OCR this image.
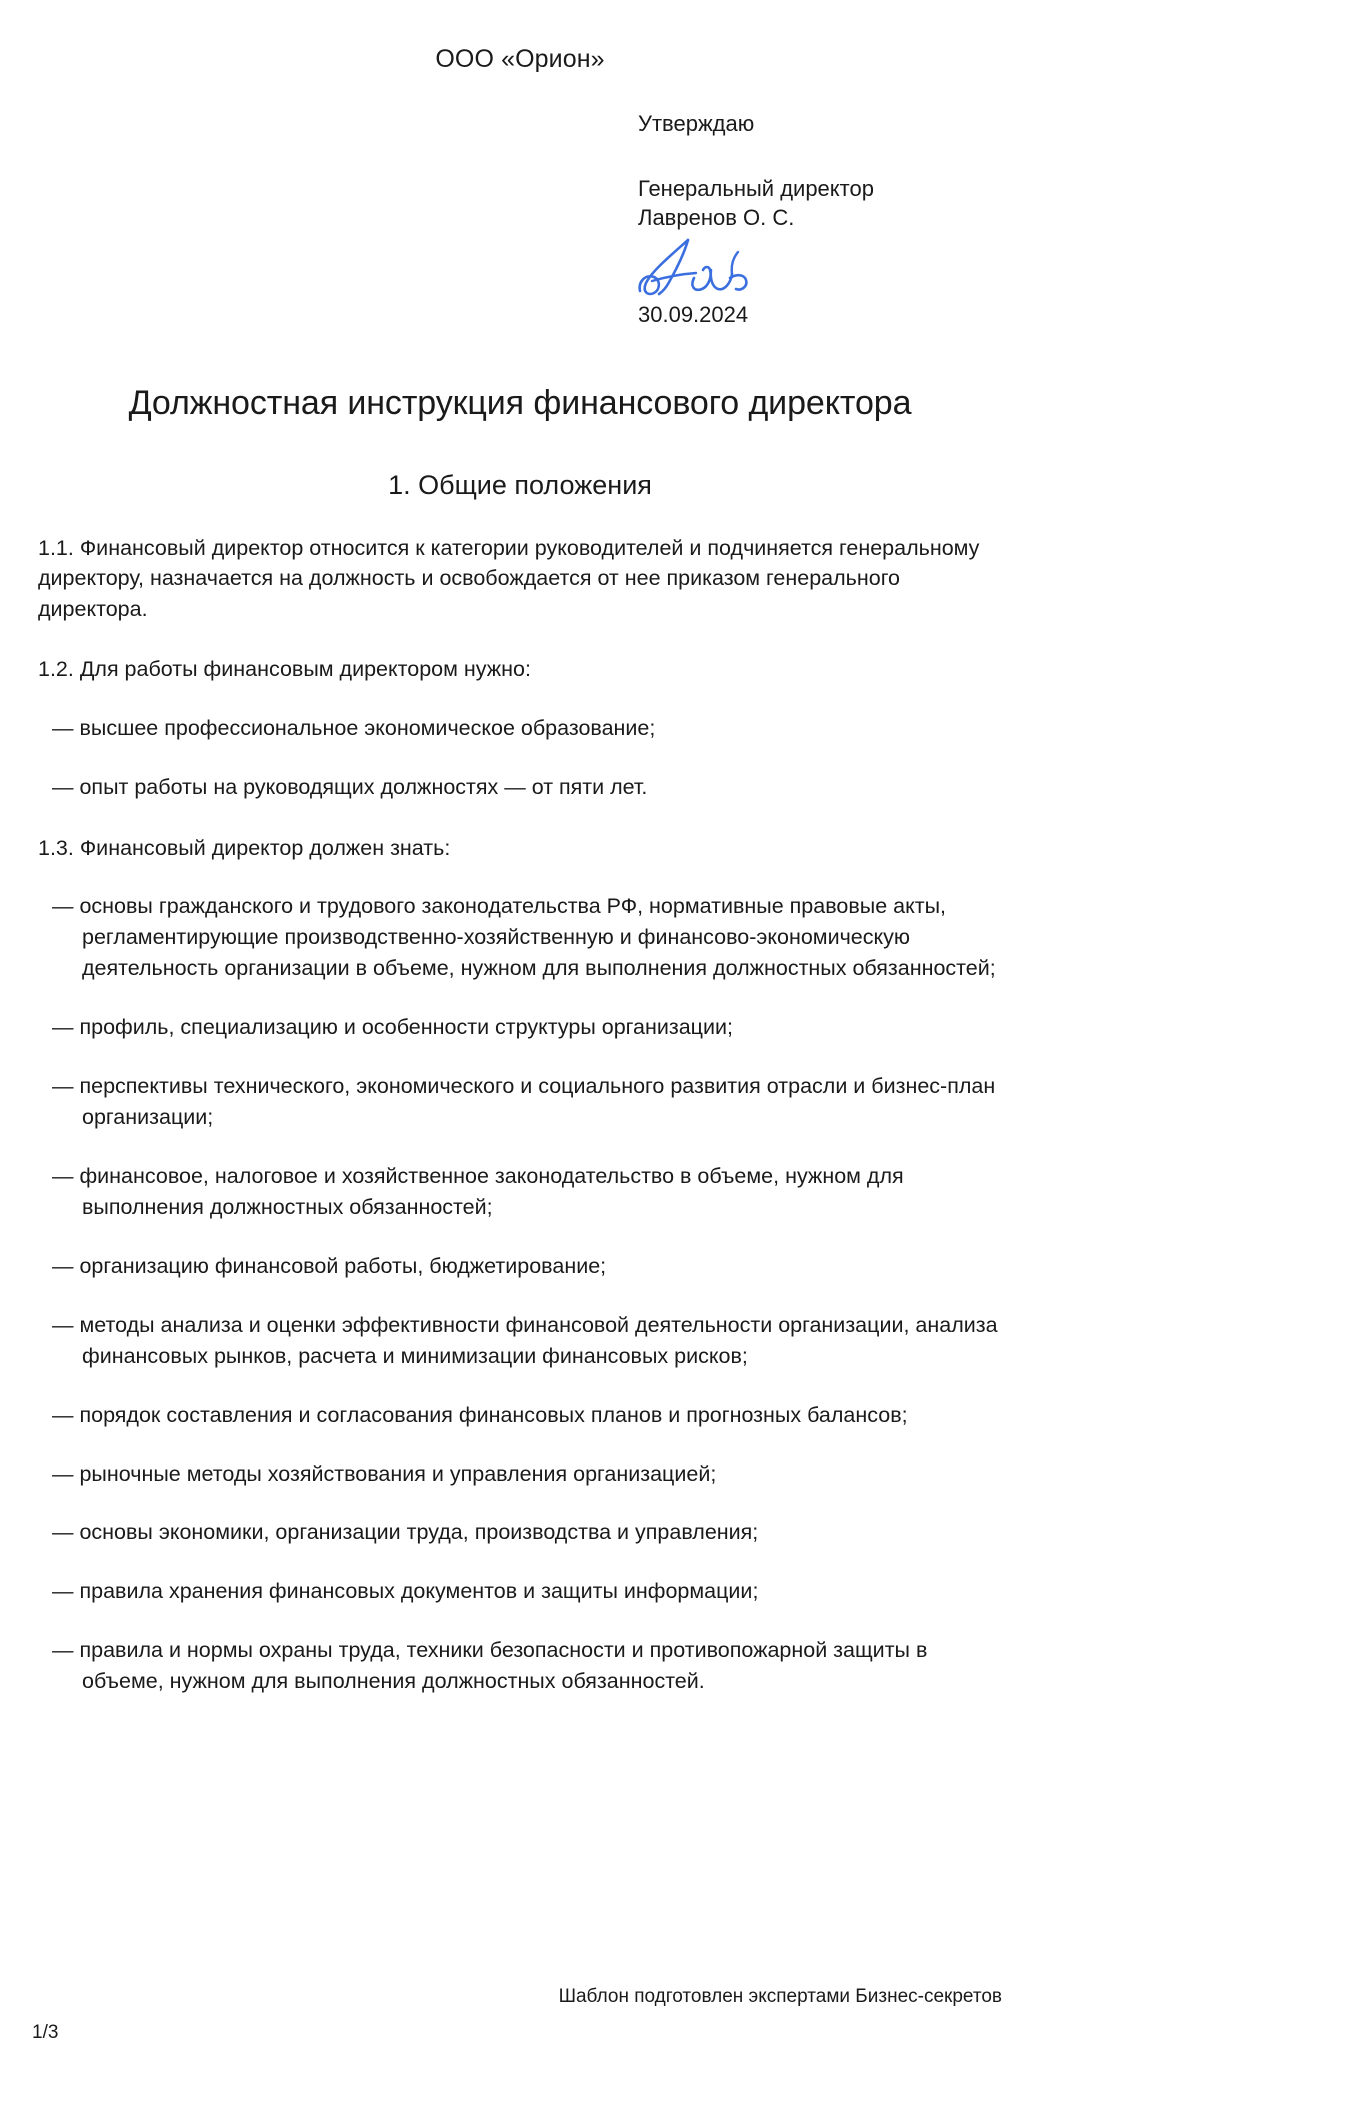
ООО «Орион»

Утверждаю

Генеральный директор

Лавренов О. С.

30.09.2024

Должностная инструкция финансового директора
1. Общие положения

1.1. Финансовый директор относится к категории руководителей и подчиняется генеральному директору, назначается на должность и освобождается от нее приказом генерального директора.

1.2. Для работы финансовым директором нужно:

— высшее профессиональное экономическое образование;
— опыт работы на руководящих должностях — от пяти лет.

1.3. Финансовый директор должен знать:

— основы гражданского и трудового законодательства РФ, нормативные правовые акты, регламентирующие производственно-хозяйственную и финансово-экономическую деятельность организации в объеме, нужном для выполнения должностных обязанностей;
— профиль, специализацию и особенности структуры организации;
— перспективы технического, экономического и социального развития отрасли и бизнес-план организации;
— финансовое, налоговое и хозяйственное законодательство в объеме, нужном для выполнения должностных обязанностей;
— организацию финансовой работы, бюджетирование;
— методы анализа и оценки эффективности финансовой деятельности организации, анализа финансовых рынков, расчета и минимизации финансовых рисков;
— порядок составления и согласования финансовых планов и прогнозных балансов;
— рыночные методы хозяйствования и управления организацией;
— основы экономики, организации труда, производства и управления;
— правила хранения финансовых документов и защиты информации;
— правила и нормы охраны труда, техники безопасности и противопожарной защиты в объеме, нужном для выполнения должностных обязанностей.
Шаблон подготовлен экспертами Бизнес-секретов
1/3
